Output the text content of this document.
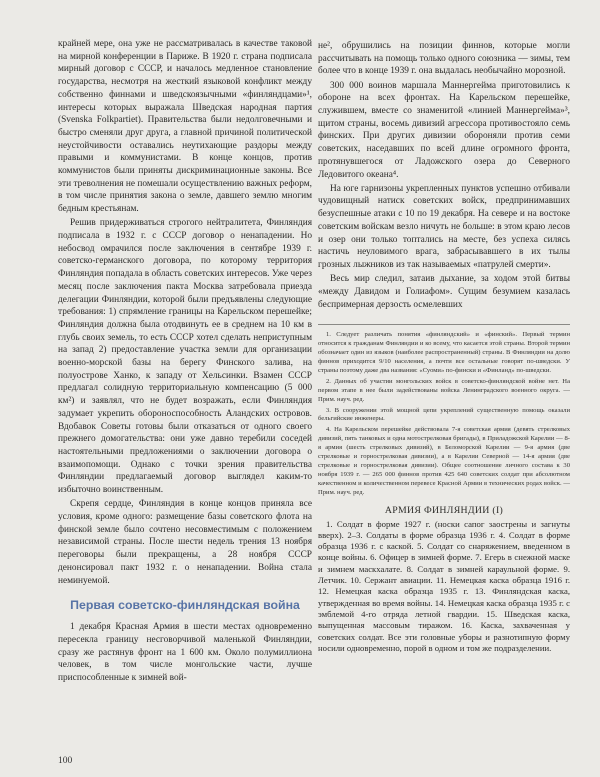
крайней мере, она уже не рассматривалась в качестве таковой на мирной конференции в Париже. В 1920 г. страна подписала мирный договор с СССР, и началось медленное становление государства, несмотря на жесткий языковой конфликт между собственно финнами и шведскоязычными «финляндцами»¹, интересы которых выражала Шведская народная партия (Svenska Folkpartiet). Правительства были недолговечными и быстро сменяли друг друга, а главной причиной политической неустойчивости оставались неутихающие раздоры между правыми и коммунистами. В конце концов, против коммунистов были приняты дискриминационные законы. Все эти треволнения не помешали осуществлению важных реформ, в том числе принятия закона о земле, давшего землю многим бедным крестьянам.

Решив придерживаться строгого нейтралитета, Финляндия подписала в 1932 г. с СССР договор о ненападении. Но небосвод омрачился после заключения в сентябре 1939 г. советско-германского договора, по которому территория Финляндия попадала в область советских интересов. Уже через месяц после заключения пакта Москва затребовала приезда делегации Финляндии, которой были предъявлены следующие требования: 1) спрямление границы на Карельском перешейке; Финляндия должна была отодвинуть ее в среднем на 10 км в глубь своих земель, то есть СССР хотел сделать неприступным на запад 2) предоставление участка земли для организации военно-морской базы на берегу Финского залива, на полуострове Ханко, к западу от Хельсинки. Взамен СССР предлагал солидную территориальную компенсацию (5 000 км²) и заявлял, что не будет возражать, если Финляндия задумает укрепить обороноспособность Аландских островов. Вдобавок Советы готовы были отказаться от одного своего прежнего домогательства: они уже давно теребили соседей настоятельными предложениями о заключении договора о взаимопомощи. Однако с точки зрения правительства Финляндии предлагаемый договор выглядел каким-то избыточно воинственным.

Скрепя сердце, Финляндия в конце концов приняла все условия, кроме одного: размещение базы советского флота на финской земле было сочтено несовместимым с положением независимой страны. После шести недель трения 13 ноября переговоры были прекращены, а 28 ноября СССР денонсировал пакт 1932 г. о ненападении. Война стала неминуемой.

Первая советско-финляндская война

1 декабря Красная Армия в шести местах одновременно пересекла границу несговорчивой маленькой Финляндии, сразу же растянув фронт на 1 600 км. Около полумиллиона человек, в том числе монгольские части, лучше приспособленные к зимней вой-

не², обрушились на позиции финнов, которые могли рассчитывать на помощь только одного союзника — зимы, тем более что в конце 1939 г. она выдалась необычайно морозной.

300 000 воинов маршала Маннергейма приготовились к обороне на всех фронтах. На Карельском перешейке, служившем, вместе со знаменитой «линией Маннергейма»³, щитом страны, восемь дивизий агрессора противостояло семь финских. При других дивизии обороняли против семи советских, наседавших по всей длине огромного фронта, протянувшегося от Ладожского озера до Северного Ледовитого океана⁴.

На юге гарнизоны укрепленных пунктов успешно отбивали чудовищный натиск советских войск, предпринимавших безуспешные атаки с 10 по 19 декабря. На севере и на востоке советским войскам везло ничуть не больше: в этом краю лесов и озер они только топтались на месте, без успеха силясь настичь неуловимого врага, забрасывавшего в их тылы грозных лыжников из так называемых «патрулей смерти».

Весь мир следил, затаив дыхание, за ходом этой битвы «между Давидом и Голиафом». Сущим безумием казалась беспримерная дерзость осмелевших

1. Следует различать понятия «финляндский» и «финский». Первый термин относится к гражданам Финляндии и ко всему, что касается этой страны. Второй термин обозначает один из языков (наиболее распространенный) страны. В Финляндии на долю финнов приходится 9/10 населения, а почти все остальные говорят по-шведски. У страны поэтому даже два названия: «Суоми» по-фински и «Финланд» по-шведски.

2. Данных об участии монгольских войск в советско-финляндской войне нет. На первом этапе в нее были задействованы войска Ленинградского военного округа. — Прим. науч. ред.

3. В сооружении этой мощной цепи укреплений существенную помощь оказали бельгийские инженеры.

4. На Карельском перешейке действовала 7-я советская армия (девять стрелковых дивизий, пять танковых и одна мотострелковая бригады), в Приладожской Карелии — 8-я армия (шесть стрелковых дивизий), в Беломорской Карелии — 9-я армия (две стрелковые и горнострелковая дивизии), а в Карелии Северной — 14-я армия (две стрелковые и горнострелковая дивизии). Общее соотношение личного состава к 30 ноября 1939 г. — 265 000 финнов против 425 640 советских солдат при абсолютном качественном и количественном перевесе Красной Армии в технических родах войск. — Прим. науч. ред.

АРМИЯ ФИНЛЯНДИИ (I)

1. Солдат в форме 1927 г. (носки сапог заострены и загнуты вверх). 2–3. Солдаты в форме образца 1936 г. 4. Солдат в форме образца 1936 г. с каской. 5. Солдат со снаряжением, введенном в конце войны. 6. Офицер в зимней форме. 7. Егерь в снежной маске и зимнем маскхалате. 8. Солдат в зимней караульной форме. 9. Летчик. 10. Сержант авиации. 11. Немецкая каска образца 1916 г. 12. Немецкая каска образца 1935 г. 13. Финляндская каска, утвержденная во время войны. 14. Немецкая каска образца 1935 г. с эмблемой 4-го отряда летной гвардии. 15. Шведская каска, выпущенная массовым тиражом. 16. Каска, захваченная у советских солдат. Все эти головные уборы и разнотипную форму носили одновременно, порой в одном и том же подразделении.

100
